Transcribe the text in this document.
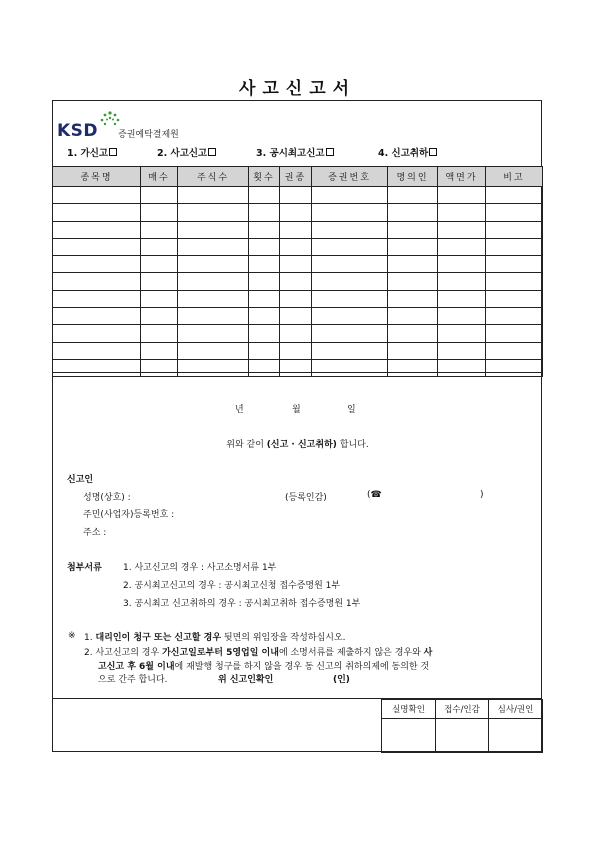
사고신고서
KSD 증권예탁결제원
1. 가신고	2. 사고신고	3. 공시최고신고	4. 신고취하
종목명	매수	주식수	횟수	권종	증권번호	명의인	액면가	비고

년	월	일
위와 같이 (신고 · 신고취하) 합니다.
신고인
성명(상호) :	(등록인감)	(☎	)
주민(사업자)등록번호 :
주소 :
첨부서류 1. 사고신고의 경우 : 사고소명서류 1부
2. 공시최고신고의 경우 : 공시최고신청 접수증명원 1부
3. 공시최고 신고취하의 경우 : 공시최고취하 접수증명원 1부
※ 1. 대리인이 청구 또는 신고할 경우 뒷면의 위임장을 작성하십시오.
2. 사고신고의 경우 가신고일로부터 5영업일 이내에 소명서류를 제출하지 않은 경우와 사
고신고 후 6월 이내에 재발행 청구를 하지 않을 경우 동 신고의 취하의제에 동의한 것
으로 간주 합니다.	위 신고인확인	(인)
실명확인	접수/인감	심사/권인
